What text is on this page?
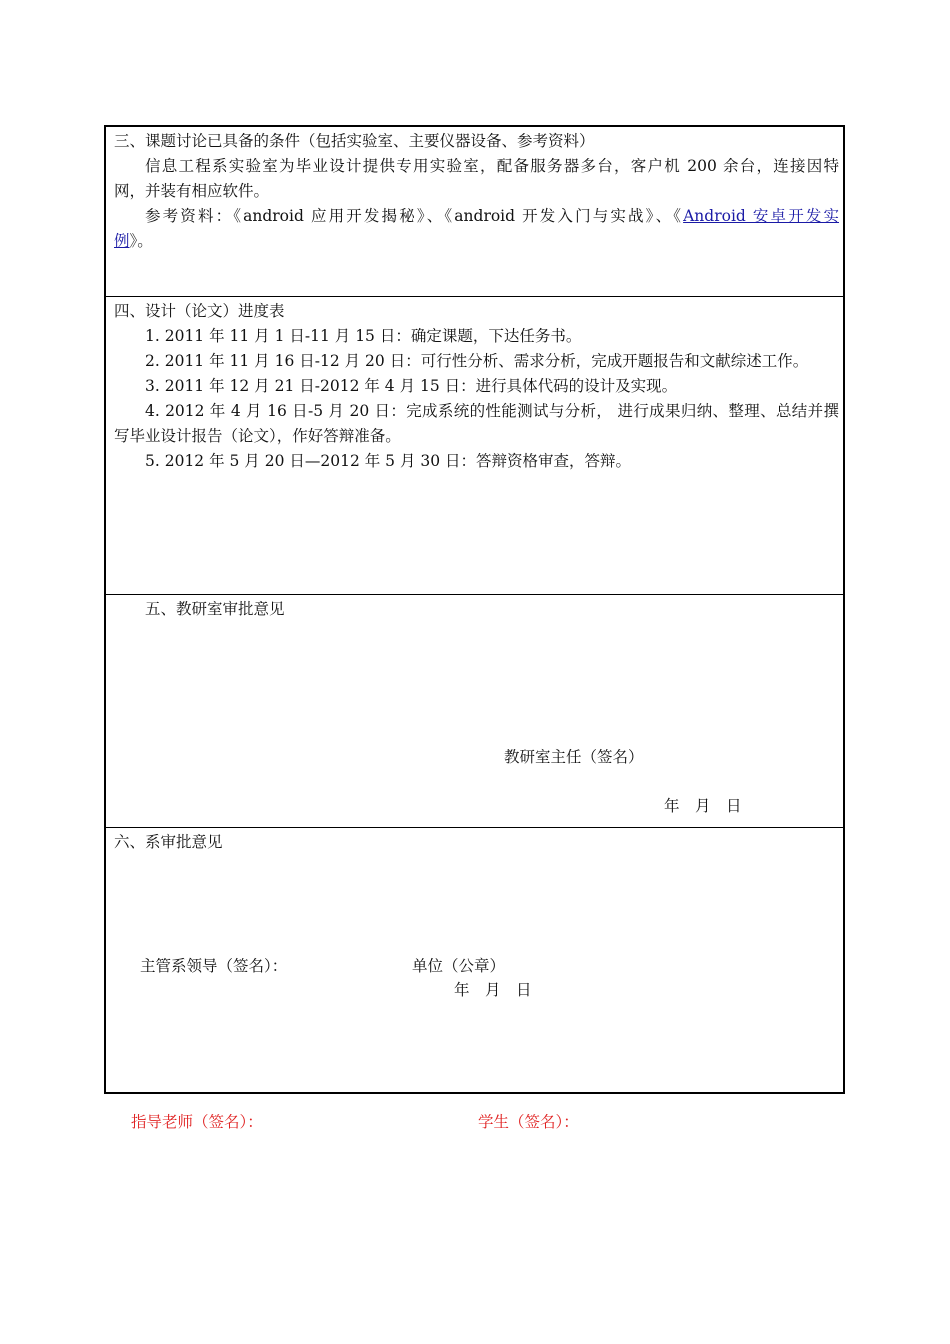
三、课题讨论已具备的条件（包括实验室、主要仪器设备、参考资料）
信息工程系实验室为毕业设计提供专用实验室，配备服务器多台，客户机 200 余台，连接因特
网，并装有相应软件。
参考资料：《android 应用开发揭秘》、《android 开发入门与实战》、《Android 安卓开发实
例》。
四、设计（论文）进度表
1. 2011 年 11 月 1 日-11 月 15 日：确定课题，下达任务书。
2. 2011 年 11 月 16 日-12 月 20 日：可行性分析、需求分析，完成开题报告和文献综述工作。
3. 2011 年 12 月 21 日-2012 年 4 月 15 日：进行具体代码的设计及实现。
4. 2012 年 4 月 16 日-5 月 20 日：完成系统的性能测试与分析， 进行成果归纳、整理、总结并撰
写毕业设计报告（论文），作好答辩准备。
5. 2012 年 5 月 20 日—2012 年 5 月 30 日：答辩资格审查，答辩。
五、教研室审批意见
教研室主任（签名）
年　月　日
六、系审批意见
主管系领导（签名）：	单位（公章）
年　月　日
指导老师（签名）：	学生（签名）：
